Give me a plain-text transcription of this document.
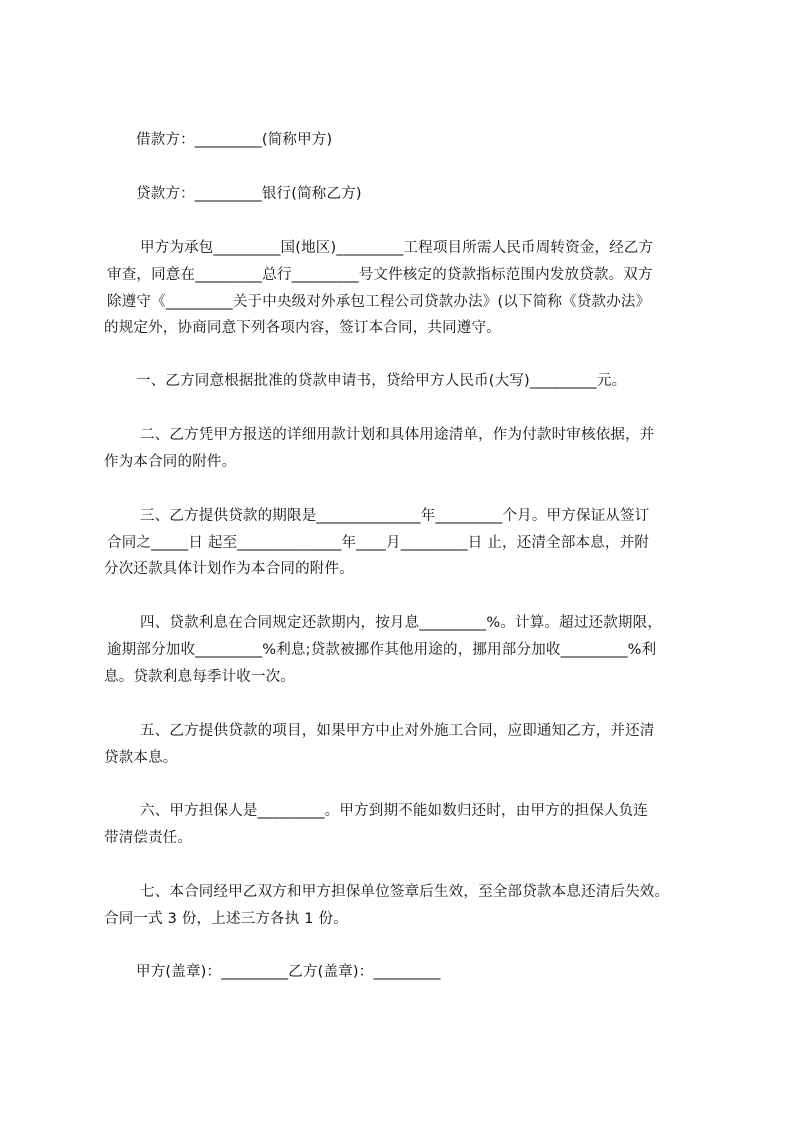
借款方：_________(简称甲方)
贷款方：_________银行(简称乙方)
甲方为承包_________国(地区)_________工程项目所需人民币周转资金，经乙方
审查，同意在_________总行_________号文件核定的贷款指标范围内发放贷款。双方
除遵守《_________关于中央级对外承包工程公司贷款办法》(以下简称《贷款办法》
的规定外，协商同意下列各项内容，签订本合同，共同遵守。
一、乙方同意根据批准的贷款申请书，贷给甲方人民币(大写)_________元。
二、乙方凭甲方报送的详细用款计划和具体用途清单，作为付款时审核依据，并
作为本合同的附件。
三、乙方提供贷款的期限是______________年_________个月。甲方保证从签订
合同之_____日 起至______________年____月_________日 止，还清全部本息，并附
分次还款具体计划作为本合同的附件。
四、贷款利息在合同规定还款期内，按月息_________%。计算。超过还款期限，
逾期部分加收_________%利息;贷款被挪作其他用途的，挪用部分加收_________%利
息。贷款利息每季计收一次。
五、乙方提供贷款的项目，如果甲方中止对外施工合同，应即通知乙方，并还清
贷款本息。
六、甲方担保人是_________。甲方到期不能如数归还时，由甲方的担保人负连
带清偿责任。
七、本合同经甲乙双方和甲方担保单位签章后生效，至全部贷款本息还清后失效。
合同一式 3 份，上述三方各执 1 份。
甲方(盖章)：_________乙方(盖章)：_________
